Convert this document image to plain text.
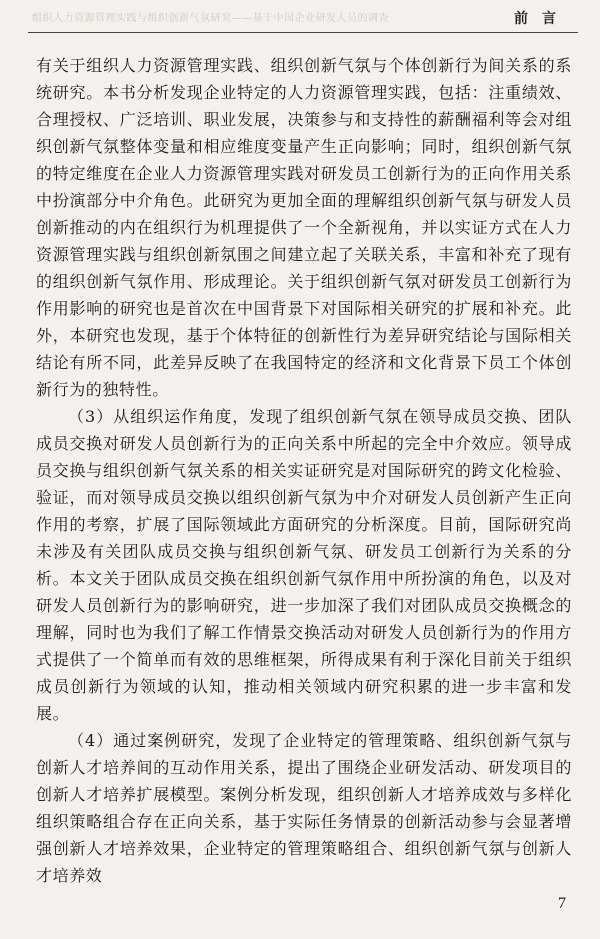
组织人力资源管理实践与组织创新气氛研究——基于中国企业研发人员的调查	前言

有关于组织人力资源管理实践、组织创新气氛与个体创新行为间关系的系统研究。本书分析发现企业特定的人力资源管理实践，包括：注重绩效、合理授权、广泛培训、职业发展，决策参与和支持性的薪酬福利等会对组织创新气氛整体变量和相应维度变量产生正向影响；同时，组织创新气氛的特定维度在企业人力资源管理实践对研发员工创新行为的正向作用关系中扮演部分中介角色。此研究为更加全面的理解组织创新气氛与研发人员创新推动的内在组织行为机理提供了一个全新视角，并以实证方式在人力资源管理实践与组织创新氛围之间建立起了关联关系，丰富和补充了现有的组织创新气氛作用、形成理论。关于组织创新气氛对研发员工创新行为作用影响的研究也是首次在中国背景下对国际相关研究的扩展和补充。此外，本研究也发现，基于个体特征的创新性行为差异研究结论与国际相关结论有所不同，此差异反映了在我国特定的经济和文化背景下员工个体创新行为的独特性。

（3）从组织运作角度，发现了组织创新气氛在领导成员交换、团队成员交换对研发人员创新行为的正向关系中所起的完全中介效应。领导成员交换与组织创新气氛关系的相关实证研究是对国际研究的跨文化检验、验证，而对领导成员交换以组织创新气氛为中介对研发人员创新产生正向作用的考察，扩展了国际领域此方面研究的分析深度。目前，国际研究尚未涉及有关团队成员交换与组织创新气氛、研发员工创新行为关系的分析。本文关于团队成员交换在组织创新气氛作用中所扮演的角色，以及对研发人员创新行为的影响研究，进一步加深了我们对团队成员交换概念的理解，同时也为我们了解工作情景交换活动对研发人员创新行为的作用方式提供了一个简单而有效的思维框架，所得成果有利于深化目前关于组织成员创新行为领域的认知，推动相关领域内研究积累的进一步丰富和发展。

（4）通过案例研究，发现了企业特定的管理策略、组织创新气氛与创新人才培养间的互动作用关系，提出了围绕企业研发活动、研发项目的创新人才培养扩展模型。案例分析发现，组织创新人才培养成效与多样化组织策略组合存在正向关系，基于实际任务情景的创新活动参与会显著增强创新人才培养效果，企业特定的管理策略组合、组织创新气氛与创新人才培养效

7
